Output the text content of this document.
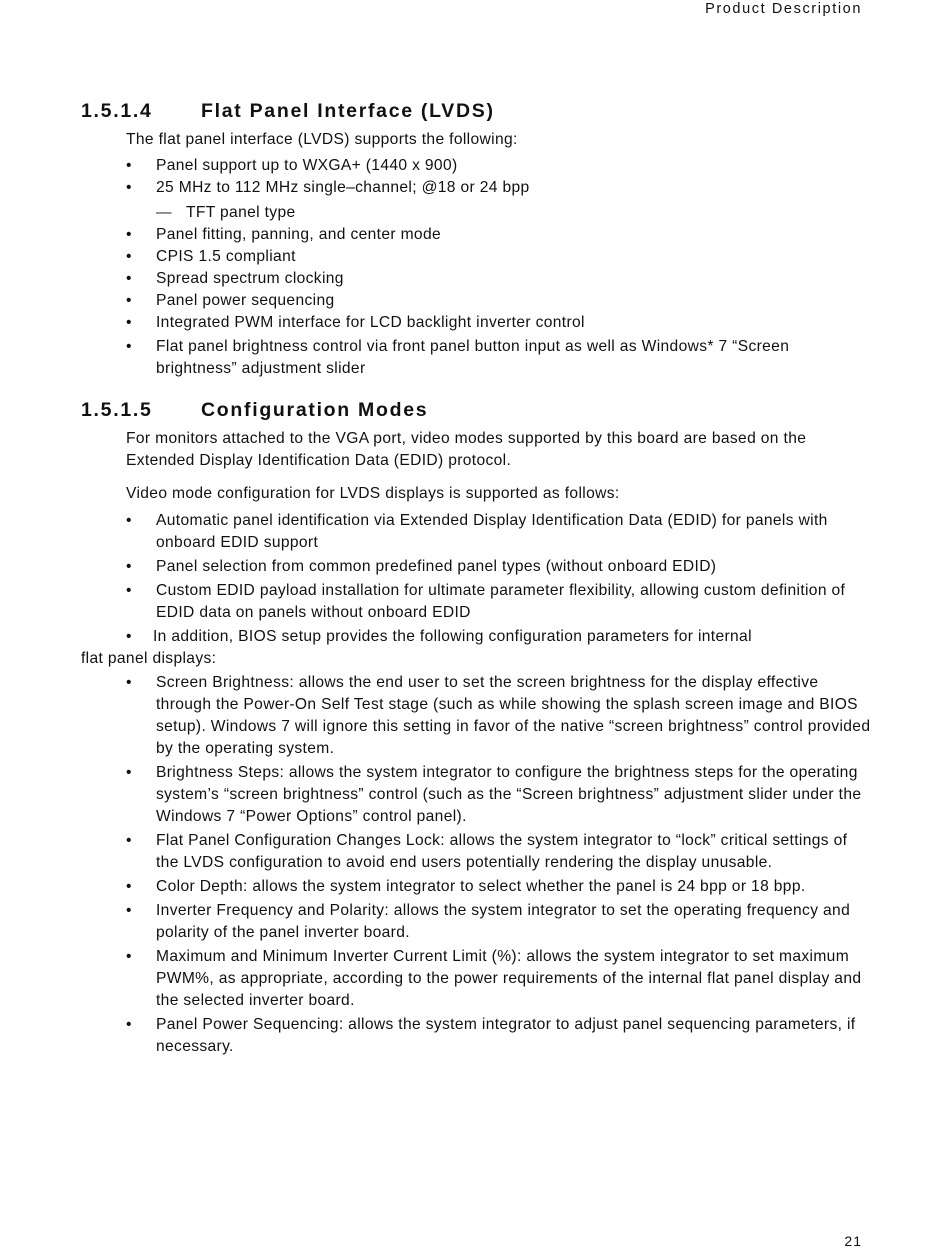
Product Description
1.5.1.4	Flat Panel Interface (LVDS)
The flat panel interface (LVDS) supports the following:
•	Panel support up to WXGA+ (1440 x 900)
•	25 MHz to 112 MHz single–channel; @18 or 24 bpp
— TFT panel type
•	Panel fitting, panning, and center mode
•	CPIS 1.5 compliant
•	Spread spectrum clocking
•	Panel power sequencing
•	Integrated PWM interface for LCD backlight inverter control
•	Flat panel brightness control via front panel button input as well as Windows* 7 “Screen brightness” adjustment slider
1.5.1.5	Configuration Modes
For monitors attached to the VGA port, video modes supported by this board are based on the Extended Display Identification Data (EDID) protocol.
Video mode configuration for LVDS displays is supported as follows:
•	Automatic panel identification via Extended Display Identification Data (EDID) for panels with onboard EDID support
•	Panel selection from common predefined panel types (without onboard EDID)
•	Custom EDID payload installation for ultimate parameter flexibility, allowing custom definition of EDID data on panels without onboard EDID
• In addition, BIOS setup provides the following configuration parameters for internal
flat panel displays:
•	Screen Brightness: allows the end user to set the screen brightness for the display effective through the Power-On Self Test stage (such as while showing the splash screen image and BIOS setup). Windows 7 will ignore this setting in favor of the native “screen brightness” control provided by the operating system.
•	Brightness Steps: allows the system integrator to configure the brightness steps for the operating system’s “screen brightness” control (such as the “Screen brightness” adjustment slider under the Windows 7 “Power Options” control panel).
•	Flat Panel Configuration Changes Lock: allows the system integrator to “lock” critical settings of the LVDS configuration to avoid end users potentially rendering the display unusable.
•	Color Depth: allows the system integrator to select whether the panel is 24 bpp or 18 bpp.
•	Inverter Frequency and Polarity: allows the system integrator to set the operating frequency and polarity of the panel inverter board.
•	Maximum and Minimum Inverter Current Limit (%): allows the system integrator to set maximum PWM%, as appropriate, according to the power requirements of the internal flat panel display and the selected inverter board.
•	Panel Power Sequencing: allows the system integrator to adjust panel sequencing parameters, if necessary.
21
